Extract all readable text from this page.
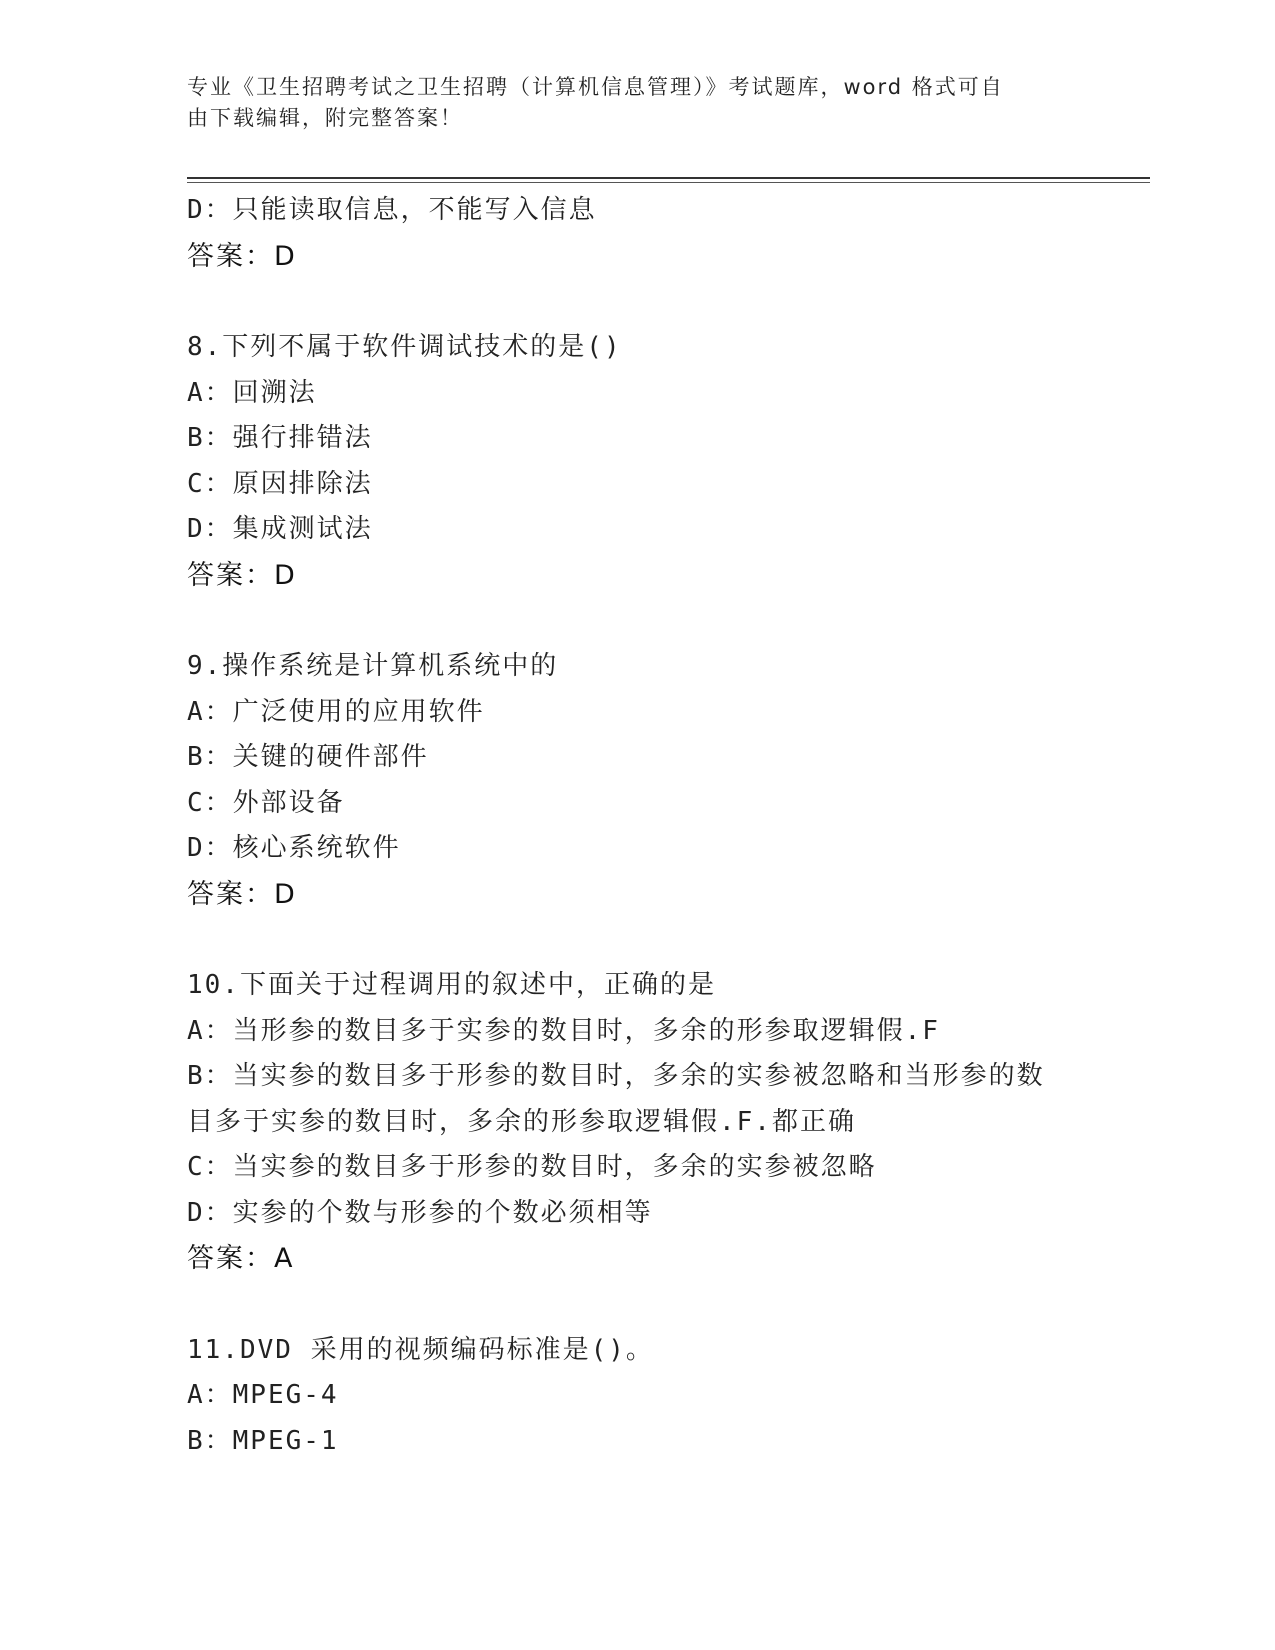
专业《卫生招聘考试之卫生招聘（计算机信息管理）》考试题库，word 格式可自
由下载编辑，附完整答案！
D：只能读取信息，不能写入信息
答案：D
8.下列不属于软件调试技术的是()
A：回溯法
B：强行排错法
C：原因排除法
D：集成测试法
答案：D
9.操作系统是计算机系统中的
A：广泛使用的应用软件
B：关键的硬件部件
C：外部设备
D：核心系统软件
答案：D
10.下面关于过程调用的叙述中，正确的是
A：当形参的数目多于实参的数目时，多余的形参取逻辑假.F
B：当实参的数目多于形参的数目时，多余的实参被忽略和当形参的数目多于实参的数目时，多余的形参取逻辑假.F.都正确
C：当实参的数目多于形参的数目时，多余的实参被忽略
D：实参的个数与形参的个数必须相等
答案：A
11.DVD 采用的视频编码标准是()。
A：MPEG-4
B：MPEG-1
